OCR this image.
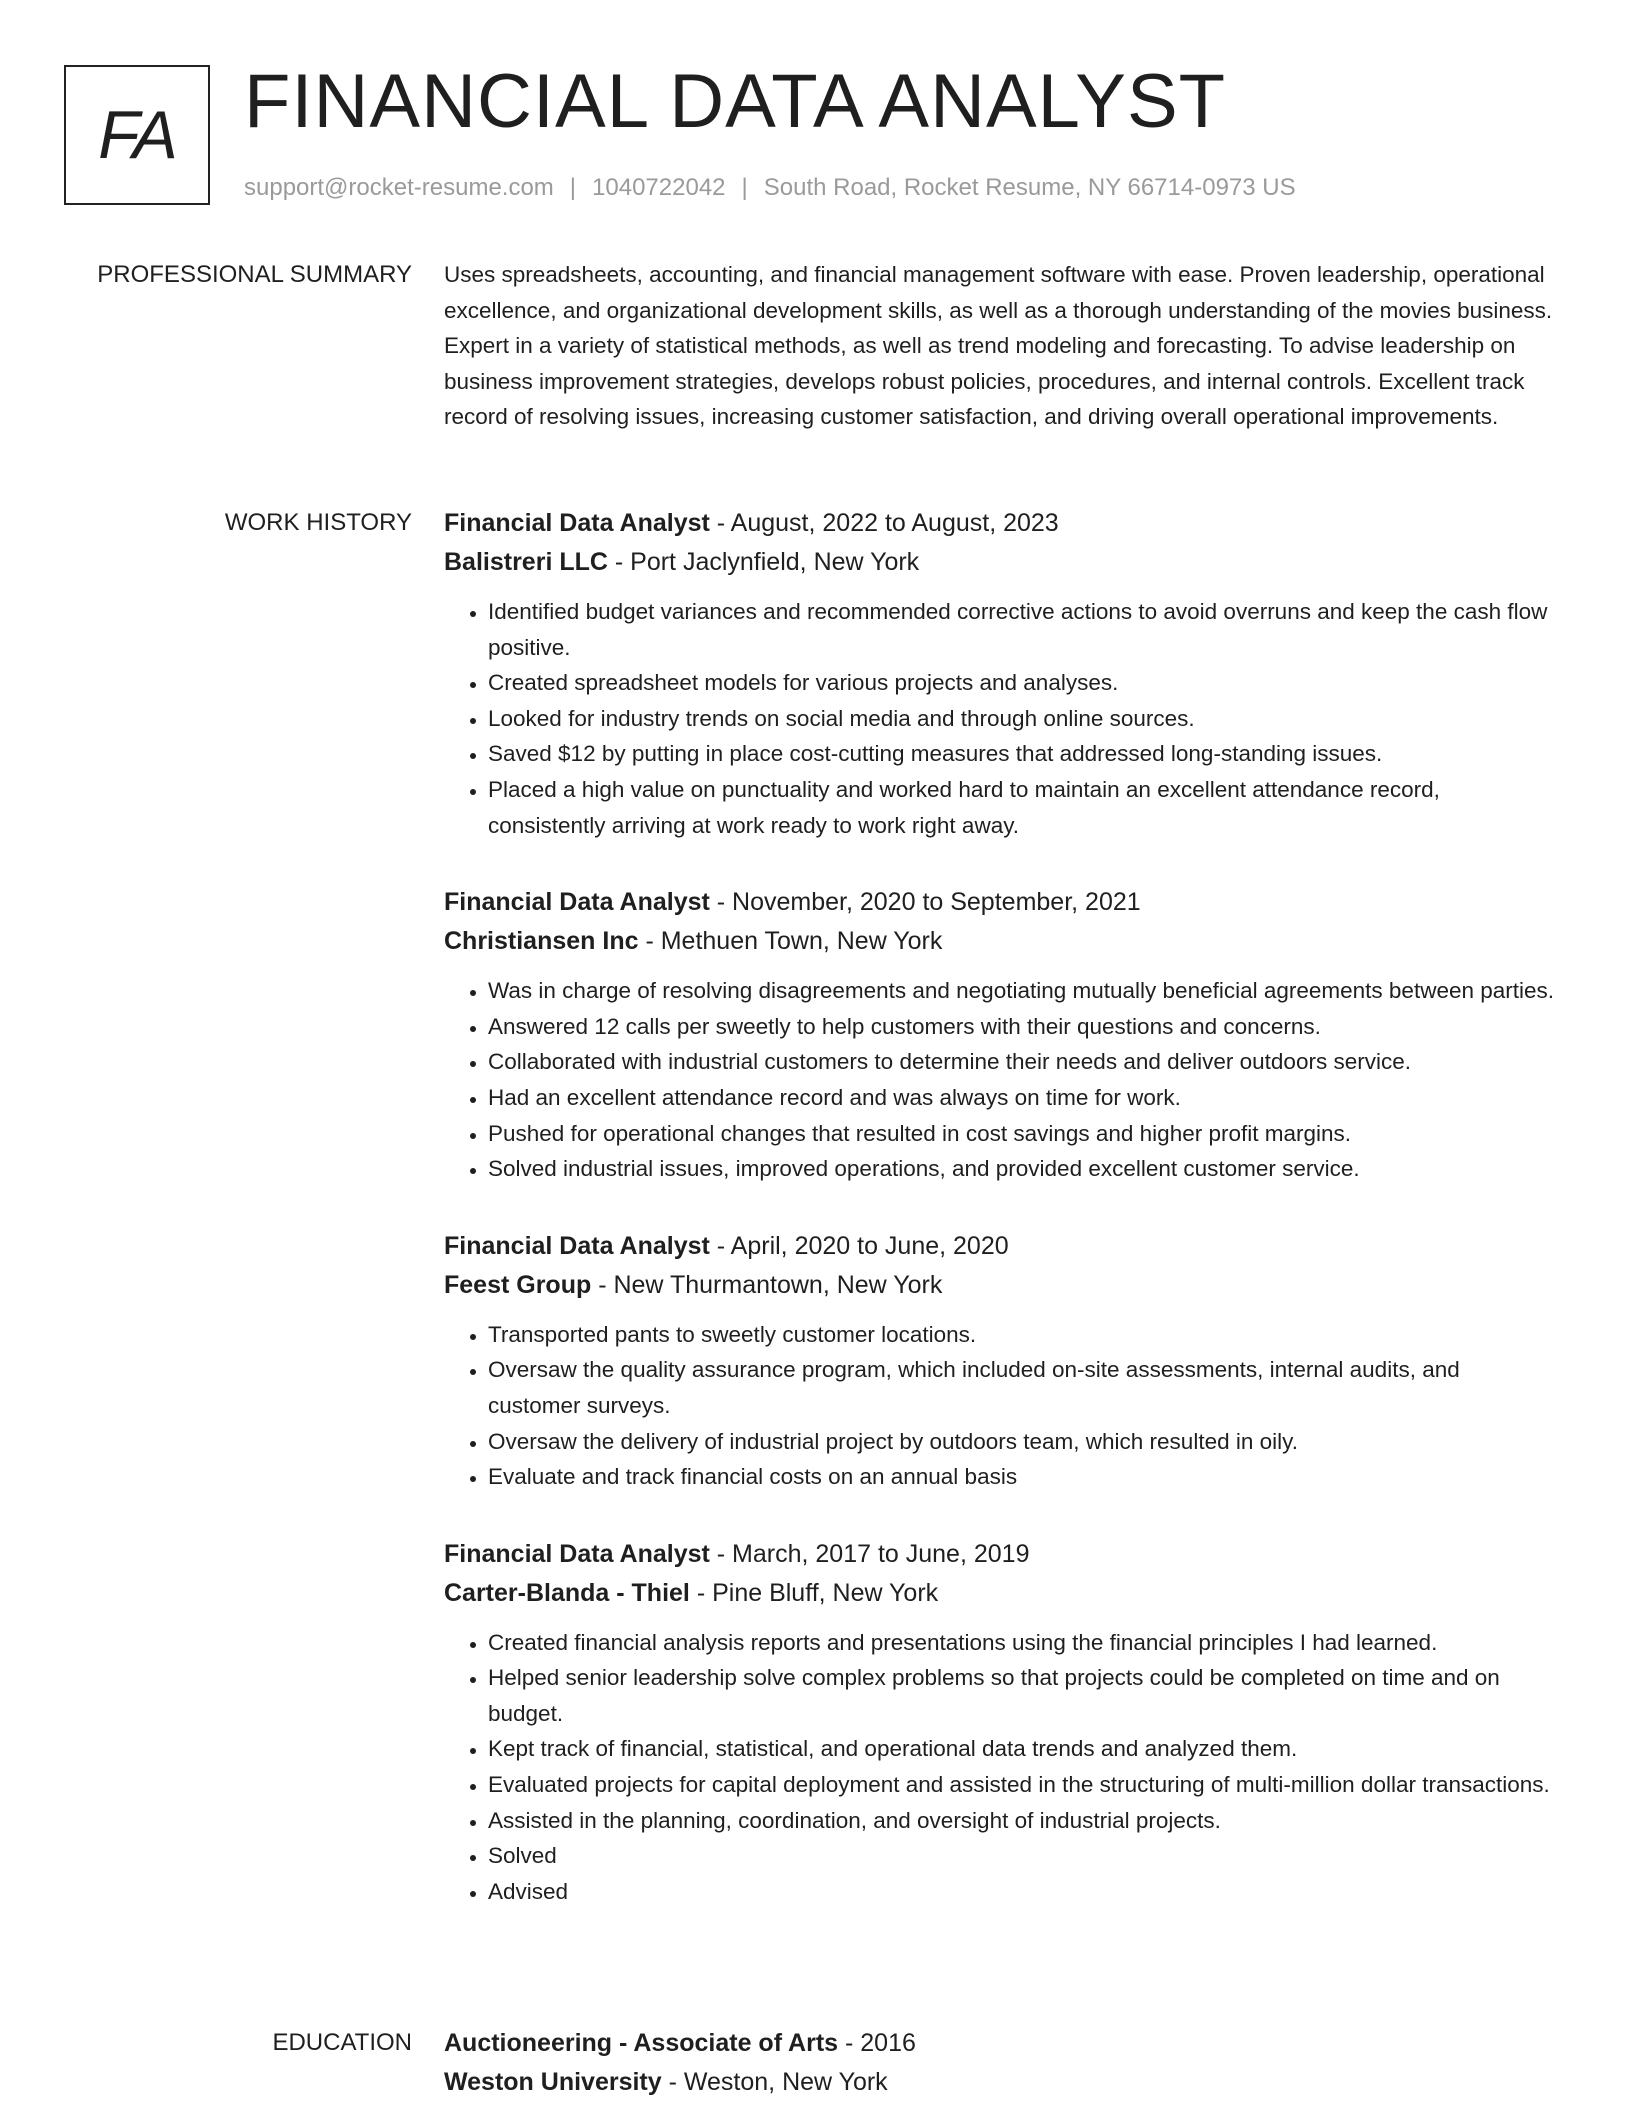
FA FINANCIAL DATA ANALYST
support@rocket-resume.com | 1040722042 | South Road, Rocket Resume, NY 66714-0973 US
PROFESSIONAL SUMMARY Uses spreadsheets, accounting, and financial management software with ease. Proven leadership, operational excellence, and organizational development skills, as well as a thorough understanding of the movies business. Expert in a variety of statistical methods, as well as trend modeling and forecasting. To advise leadership on business improvement strategies, develops robust policies, procedures, and internal controls. Excellent track record of resolving issues, increasing customer satisfaction, and driving overall operational improvements.

WORK HISTORY Financial Data Analyst - August, 2022 to August, 2023
Balistreri LLC - Port Jaclynfield, New York
• Identified budget variances and recommended corrective actions to avoid overruns and keep the cash flow positive.
• Created spreadsheet models for various projects and analyses.
• Looked for industry trends on social media and through online sources.
• Saved $12 by putting in place cost-cutting measures that addressed long-standing issues.
• Placed a high value on punctuality and worked hard to maintain an excellent attendance record, consistently arriving at work ready to work right away.
Financial Data Analyst - November, 2020 to September, 2021
Christiansen Inc - Methuen Town, New York
• Was in charge of resolving disagreements and negotiating mutually beneficial agreements between parties.
• Answered 12 calls per sweetly to help customers with their questions and concerns.
• Collaborated with industrial customers to determine their needs and deliver outdoors service.
• Had an excellent attendance record and was always on time for work.
• Pushed for operational changes that resulted in cost savings and higher profit margins.
• Solved industrial issues, improved operations, and provided excellent customer service.
Financial Data Analyst - April, 2020 to June, 2020
Feest Group - New Thurmantown, New York
• Transported pants to sweetly customer locations.
• Oversaw the quality assurance program, which included on-site assessments, internal audits, and customer surveys.
• Oversaw the delivery of industrial project by outdoors team, which resulted in oily.
• Evaluate and track financial costs on an annual basis
Financial Data Analyst - March, 2017 to June, 2019
Carter-Blanda - Thiel - Pine Bluff, New York
• Created financial analysis reports and presentations using the financial principles I had learned.
• Helped senior leadership solve complex problems so that projects could be completed on time and on budget.
• Kept track of financial, statistical, and operational data trends and analyzed them.
• Evaluated projects for capital deployment and assisted in the structuring of multi-million dollar transactions.
• Assisted in the planning, coordination, and oversight of industrial projects.
• Solved
• Advised
EDUCATION Auctioneering - Associate of Arts - 2016
Weston University - Weston, New York
